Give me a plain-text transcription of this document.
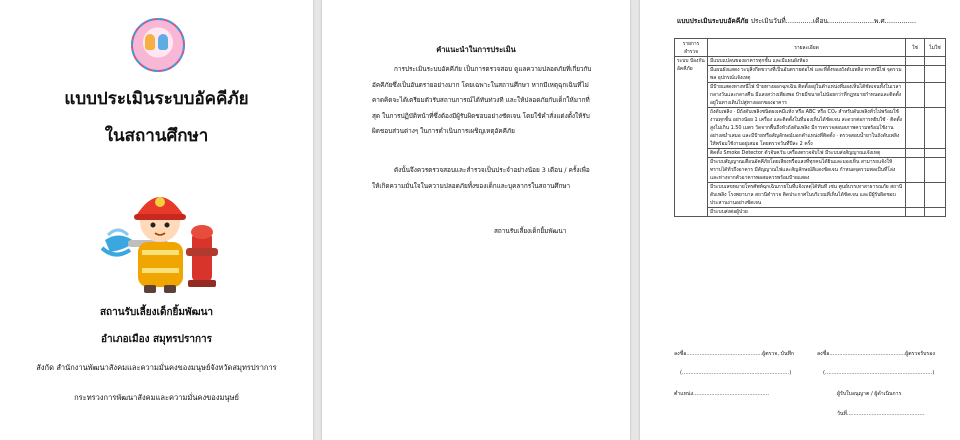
แบบประเมินระบบอัคคีภัย
ในสถานศึกษา
สถานรับเลี้ยงเด็กยิ้มพัฒนา
อำเภอเมือง สมุทรปราการ
สังกัด สำนักงานพัฒนาสังคมและความมั่นคงของมนุษย์จังหวัดสมุทรปราการ
กระทรวงการพัฒนาสังคมและความมั่นคงของมนุษย์
คำแนะนำในการประเมิน
การประเมินระบบอัคคีภัย เป็นการตรวจสอบ ดูแลความปลอดภัยที่เกี่ยวกับ
อัคคีภัยซึ่งเป็นอันตรายอย่างมาก โดยเฉพาะในสถานศึกษา หากมีเหตุฉุกเฉินที่ไม่
คาดคิดจะได้เตรียมตัวรับสถานการณ์ได้ทันท่วงที และให้ปลอดภัยกับเด็กให้มากที่
สุด ในการปฏิบัติหน้าที่ซึ่งต้องมีผู้รับผิดชอบอย่างชัดเจน โดยใช้คำสั่งแต่งตั้งให้รับ
ผิดชอบส่วนต่างๆ ในการดำเนินการเผชิญเหตุอัคคีภัย
ดังนั้นจึงควรตรวจสอบและสำรวจเป็นประจำอย่างน้อย 3 เดือน / ครั้งเพื่อ
ให้เกิดความมั่นใจในความปลอดภัยทั้งของเด็กและบุคลากรในสถานศึกษา
สถานรับเลี้ยงเด็กยิ้มพัฒนา
แบบประเมินระบบอัคคีภัย ประเมินวันที่.............เดือน......................พ.ศ...............
รายการ สำรวจ	รายละเอียด	ใช่	ไม่ใช่
ระบบ ป้องกัน อัคคีภัย	มีแบบแปลนของอาคารทุกชั้น และมีแผนผังห้อง		
	มีแผนผังแสดง ระบุสิ่งกีดขวางที่เป็นอันตรายต่อไฟ และที่ตั้งของถังดับเพลิง ทางหนีไฟ จุดรวมพล อุปกรณ์แจ้งเหตุ		
	มีป้ายแสดงทางหนีไฟ ป้ายทางออกฉุกเฉิน ติดตั้งอยู่ในตำแหน่งที่มองเห็นได้ชัดเจนทั้งในเวลากลางวันและกลางคืน มีแสงสว่างเพียงพอ ป้ายมีขนาดไม่น้อยกว่าที่กฎหมายกำหนดและติดตั้งอยู่ในทางเดินไปสู่ทางออกของอาคาร		
	ถังดับเพลิง · มีถังดับเพลิงชนิดผงเคมีแห้ง หรือ ABC หรือ CO₂ สำหรับดับเพลิงทั่วไปพร้อมใช้งานทุกชั้น อย่างน้อย 1 เครื่อง และติดตั้งในที่มองเห็นได้ชัดเจน สะดวกต่อการหยิบใช้ · ติดตั้งสูงไม่เกิน 1.50 เมตร วัดจากพื้นถึงหัวถังดับเพลิง มีการตรวจสอบสภาพความพร้อมใช้งานอย่างสม่ำเสมอ และมีป้ายหรือสัญลักษณ์บอกตำแหน่งที่ติดตั้ง · ตรวจสอบน้ำยาในถังดับเพลิงให้พร้อมใช้งานอยู่เสมอ โดยตรวจวันที่ปีละ 2 ครั้ง		
	ติดตั้ง Smoke Detector ตัวจับควัน เครื่องตรวจจับไฟ มีระบบส่งสัญญาณแจ้งเหตุ		
	มีระบบสัญญาณเตือนอัคคีภัยโดยเสียงหรือแสงที่ทุกคนได้ยินและมองเห็น สามารถแจ้งให้ทราบได้ทั่วถึงอาคาร มีสัญญาณไฟและสัญลักษณ์สีแดงชัดเจน กำหนดจุดรวมพลเป็นที่โล่งและห่างจากตัวอาคารพอสมควรพร้อมป้ายแสดง		
	มีระบบเลขหมายโทรศัพท์ฉุกเฉินภายในที่แจ้งเหตุได้ทันที เช่น ศูนย์บรรเทาสาธารณภัย สถานีดับเพลิง โรงพยาบาล สถานีตำรวจ ติดประกาศในบริเวณที่เห็นได้ชัดเจน และมีผู้รับผิดชอบประสานงานอย่างชัดเจน		
	มีระบบส่งต่อผู้ป่วย		
ลงชื่อ..............................................ผู้ตรวจ, บันทึก
(.................................................................)
ตำแหน่ง..............................................
ลงชื่อ..............................................ผู้ตรวจรับรอง
(.................................................................)
ผู้รับใบอนุญาต / ผู้ดำเนินการ
วันที่...............................................
